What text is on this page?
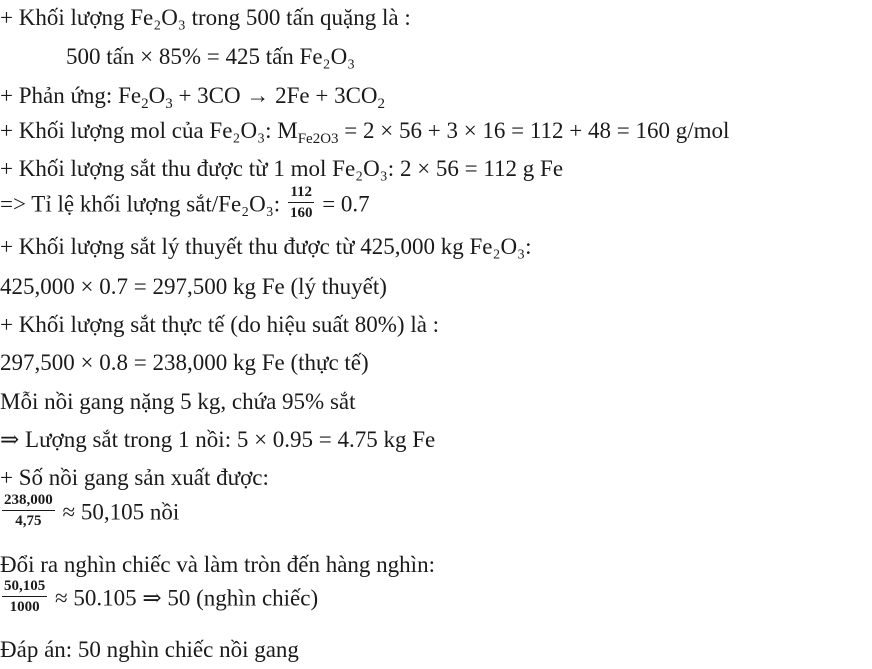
+ Khối lượng Fe₂O₃ trong 500 tấn quặng là :
500 tấn × 85% = 425 tấn Fe₂O₃
+ Phản ứng: $Fe_2O_3 + 3CO \to 2Fe + 3CO_2$
+ Khối lượng mol của Fe₂O₃: $M_{Fe2O3} = 2 \times 56 + 3 \times 16 = 112 + 48 = 160$ g/mol
+ Khối lượng sắt thu được từ 1 mol Fe₂O₃: 2 × 56 = 112 g Fe
=> Tỉ lệ khối lượng sắt/Fe₂O₃: $\frac{112}{160} = 0.7$
+ Khối lượng sắt lý thuyết thu được từ 425,000 kg Fe₂O₃:
425,000 × 0.7 = 297,500 kg Fe (lý thuyết)
+ Khối lượng sắt thực tế (do hiệu suất 80%) là :
297,500 × 0.8 = 238,000 kg Fe (thực tế)
Mỗi nồi gang nặng 5 kg, chứa 95% sắt
⇒ Lượng sắt trong 1 nồi: 5 × 0.95 = 4.75 kg Fe
+ Số nồi gang sản xuất được:
$\frac{238,000}{4,75} \approx 50,105$ nồi
Đổi ra nghìn chiếc và làm tròn đến hàng nghìn:
$\frac{50,105}{1000} \approx 50.105$ ⇒ 50 (nghìn chiếc)
Đáp án: 50 nghìn chiếc nồi gang
